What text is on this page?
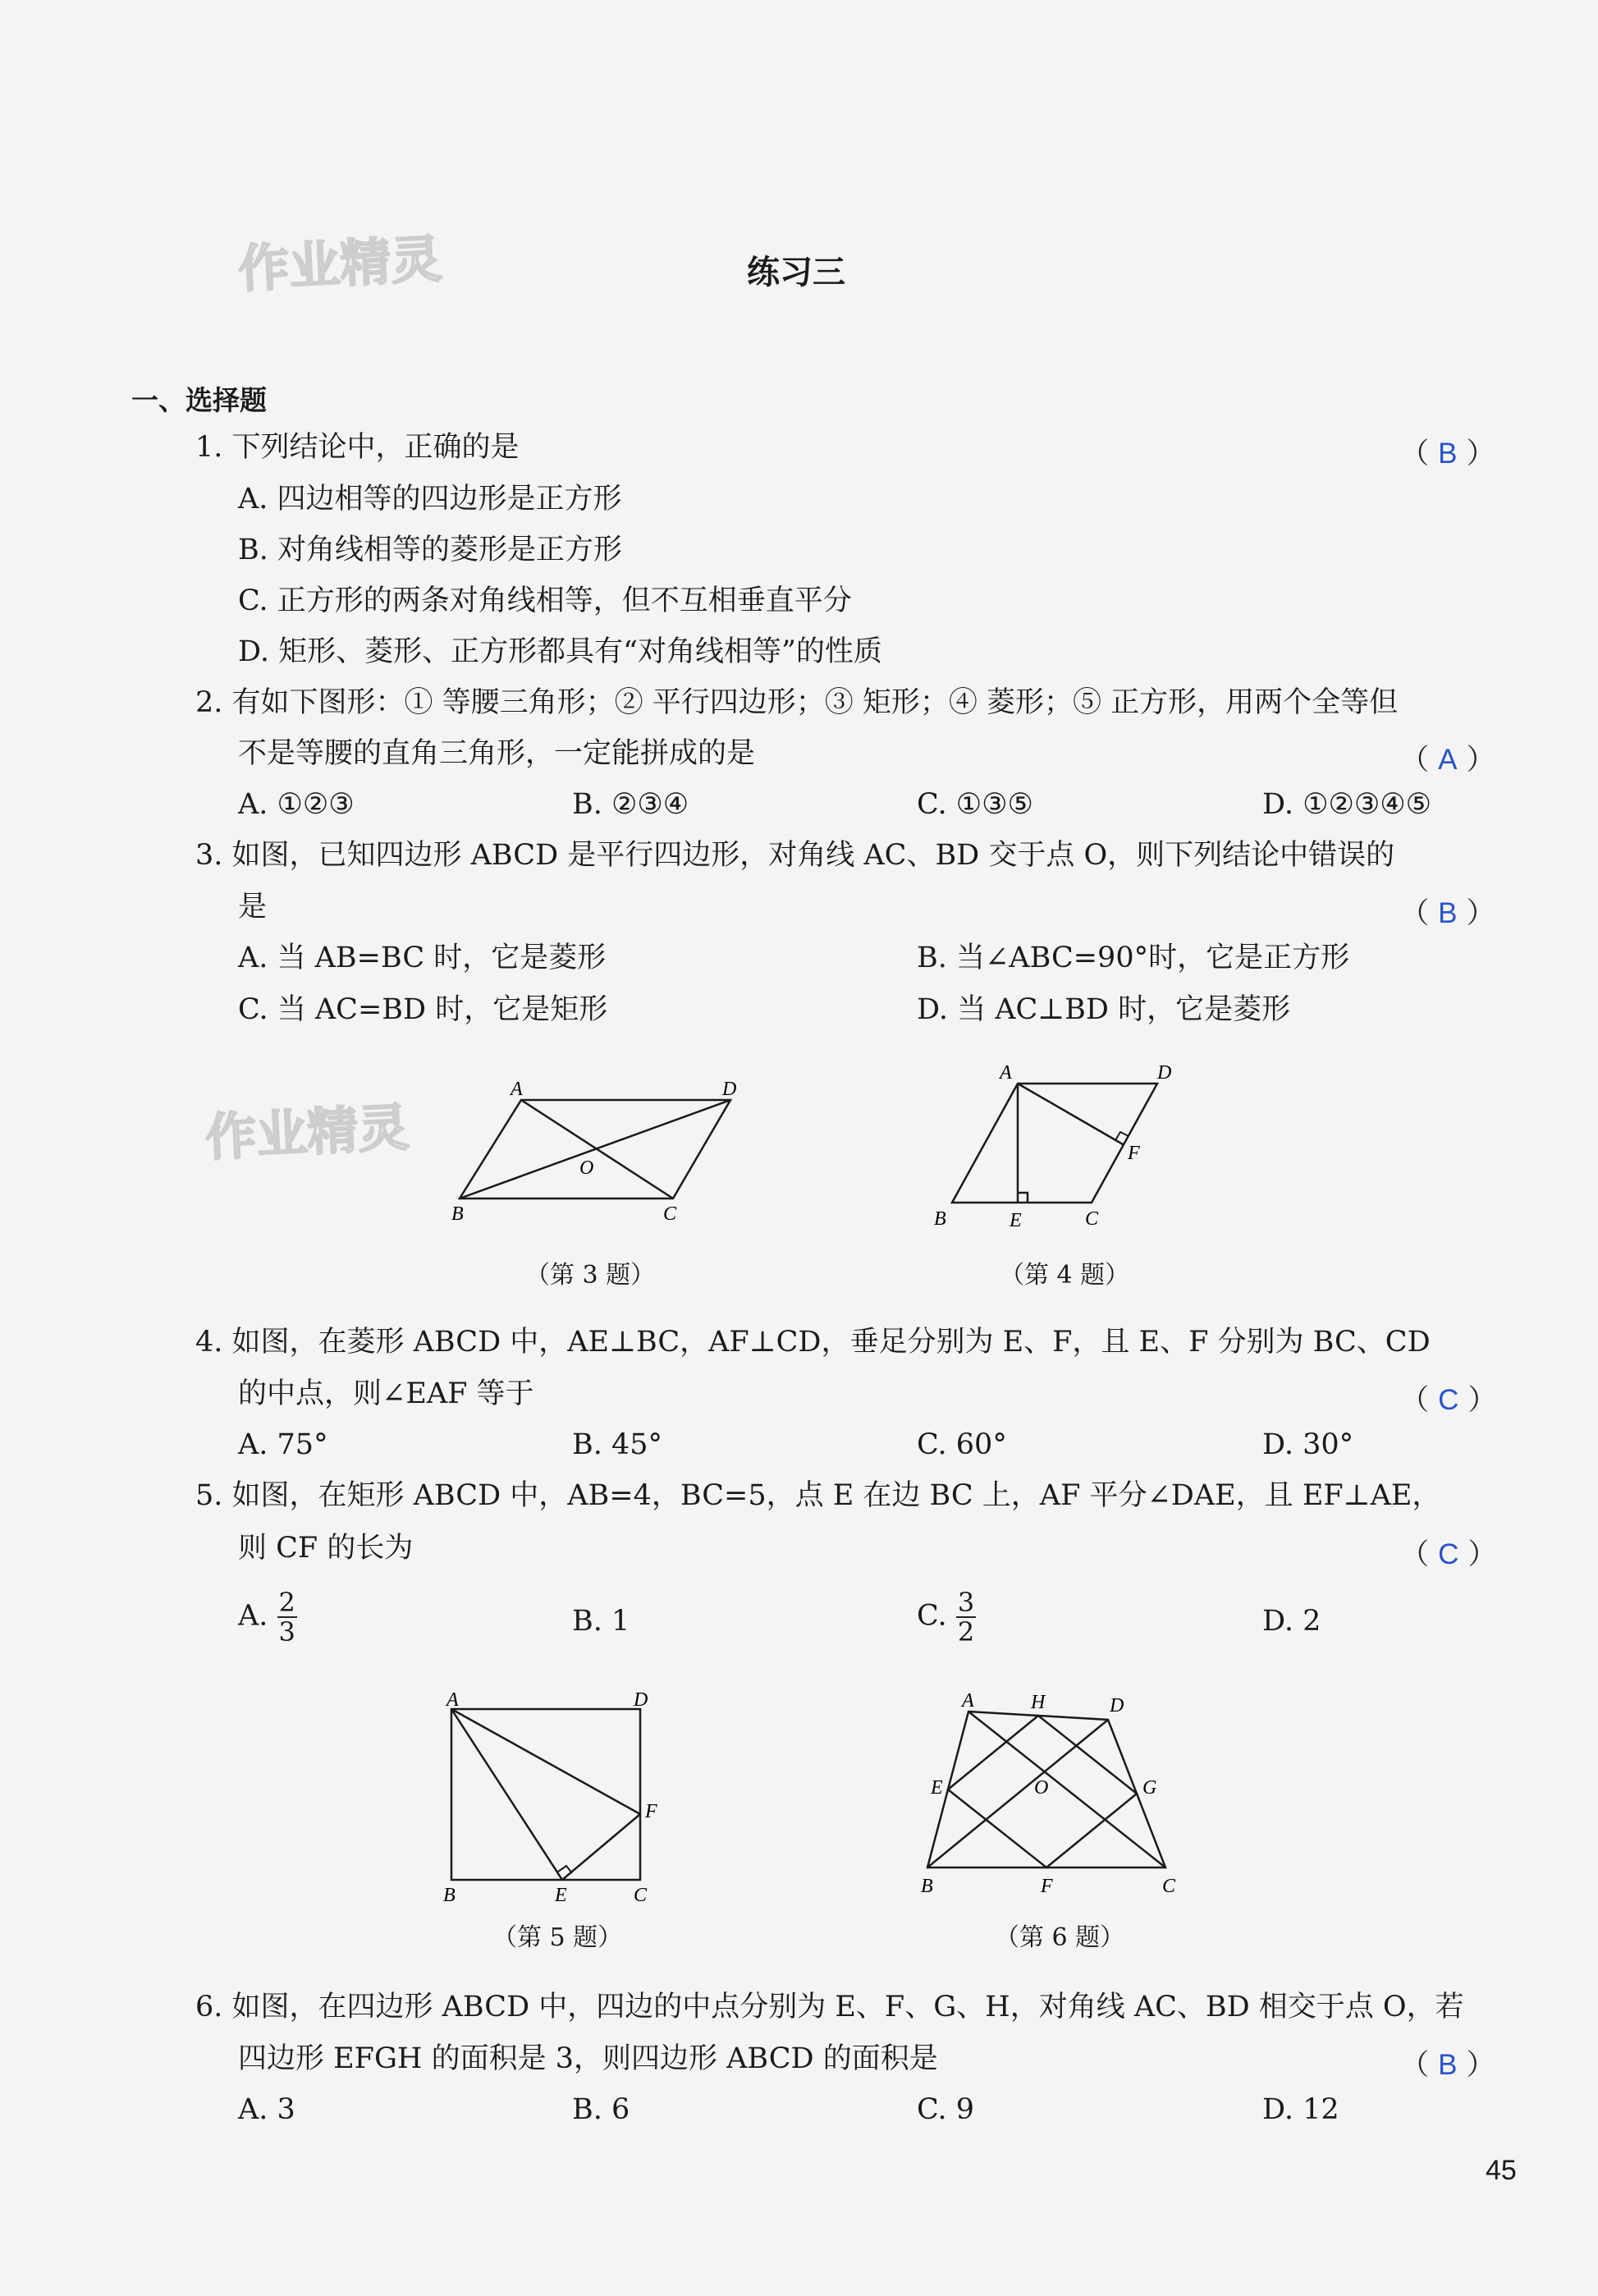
作业精灵
作业精灵
练习三
一、选择题
1. 下列结论中，正确的是	（ B ）
A. 四边相等的四边形是正方形
B. 对角线相等的菱形是正方形
C. 正方形的两条对角线相等，但不互相垂直平分
D. 矩形、菱形、正方形都具有“对角线相等”的性质
2. 有如下图形：① 等腰三角形；② 平行四边形；③ 矩形；④ 菱形；⑤ 正方形，用两个全等但
不是等腰的直角三角形，一定能拼成的是	（ A ）
A. ①②③	B. ②③④	C. ①③⑤	D. ①②③④⑤
3. 如图，已知四边形 ABCD 是平行四边形，对角线 AC、BD 交于点 O，则下列结论中错误的
是	（ B ）
A. 当 AB=BC 时，它是菱形	B. 当∠ABC=90°时，它是正方形
C. 当 AC=BD 时，它是矩形	D. 当 AC⊥BD 时，它是菱形
A	D
B	C
O
（第 3 题）
A	D
B	E	C
F
（第 4 题）
4. 如图，在菱形 ABCD 中，AE⊥BC，AF⊥CD，垂足分别为 E、F，且 E、F 分别为 BC、CD
的中点，则∠EAF 等于	（ C ）
A. 75°	B. 45°	C. 60°	D. 30°
5. 如图，在矩形 ABCD 中，AB=4，BC=5，点 E 在边 BC 上，AF 平分∠DAE，且 EF⊥AE，
则 CF 的长为	（ C ）
A. $\frac{2}{3}$	B. 1	C. $\frac{3}{2}$	D. 2
A	D
B	E	C
F
（第 5 题）
A	H	D
E	O	G
B	F	C
（第 6 题）
6. 如图，在四边形 ABCD 中，四边的中点分别为 E、F、G、H，对角线 AC、BD 相交于点 O，若
四边形 EFGH 的面积是 3，则四边形 ABCD 的面积是	（ B ）
A. 3	B. 6	C. 9	D. 12
45
